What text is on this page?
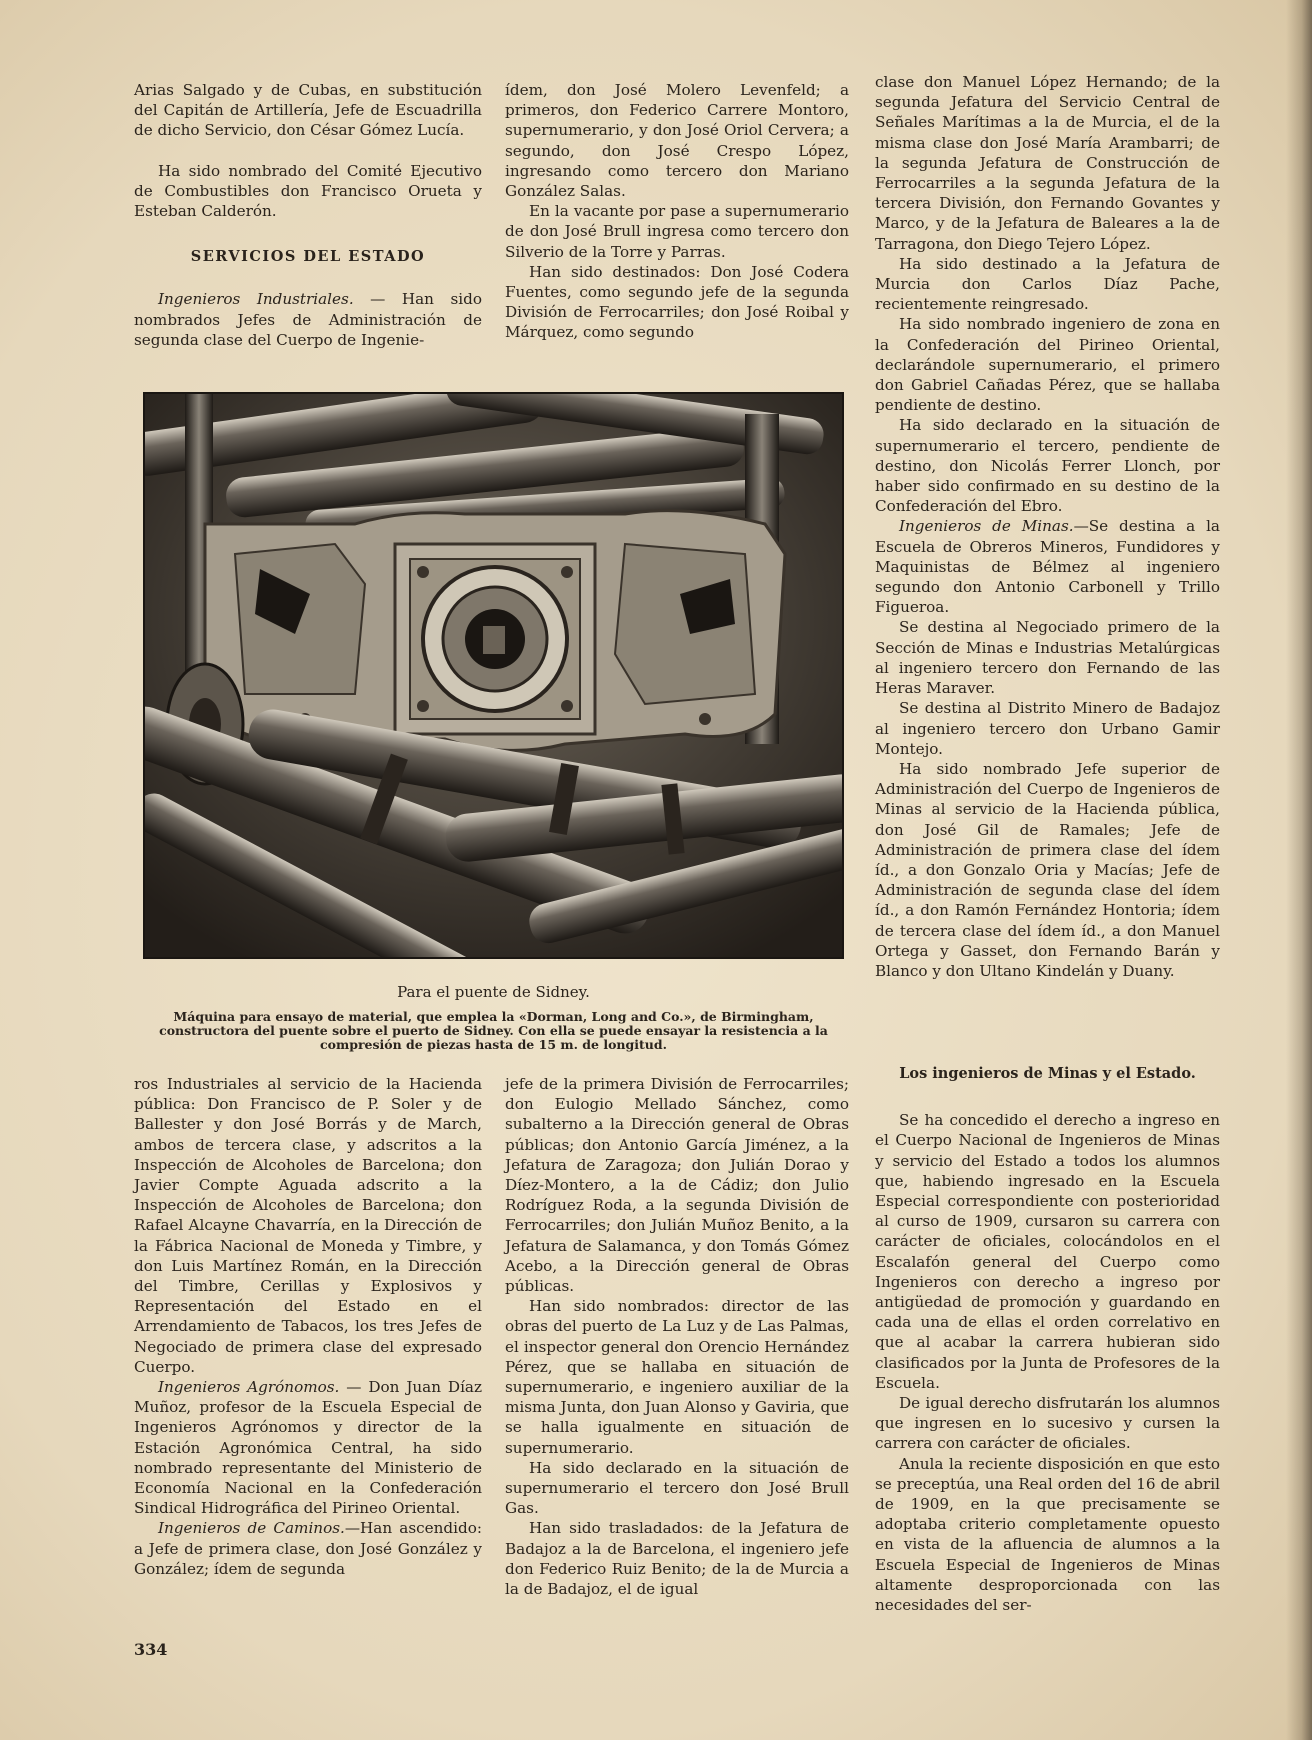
Arias Salgado y de Cubas, en substitución del Capitán de Artillería, Jefe de Escuadrilla de dicho Servicio, don César Gómez Lucía.

Ha sido nombrado del Comité Ejecutivo de Combustibles don Francisco Orueta y Esteban Calderón.

SERVICIOS DEL ESTADO

Ingenieros Industriales. — Han sido nombrados Jefes de Administración de segunda clase del Cuerpo de Ingenie-

ídem, don José Molero Levenfeld; a primeros, don Federico Carrere Montoro, supernumerario, y don José Oriol Cervera; a segundo, don José Crespo López, ingresando como tercero don Mariano González Salas.

En la vacante por pase a supernumerario de don José Brull ingresa como tercero don Silverio de la Torre y Parras.

Han sido destinados: Don José Codera Fuentes, como segundo jefe de la segunda División de Ferrocarriles; don José Roibal y Márquez, como segundo

clase don Manuel López Hernando; de la segunda Jefatura del Servicio Central de Señales Marítimas a la de Murcia, el de la misma clase don José María Arambarri; de la segunda Jefatura de Construcción de Ferrocarriles a la segunda Jefatura de la tercera División, don Fernando Govantes y Marco, y de la Jefatura de Baleares a la de Tarragona, don Diego Tejero López.

Ha sido destinado a la Jefatura de Murcia don Carlos Díaz Pache, recientemente reingresado.

Ha sido nombrado ingeniero de zona en la Confederación del Pirineo Oriental, declarándole supernumerario, el primero don Gabriel Cañadas Pérez, que se hallaba pendiente de destino.

Ha sido declarado en la situación de supernumerario el tercero, pendiente de destino, don Nicolás Ferrer Llonch, por haber sido confirmado en su destino de la Confederación del Ebro.

Ingenieros de Minas.—Se destina a la Escuela de Obreros Mineros, Fundidores y Maquinistas de Bélmez al ingeniero segundo don Antonio Carbonell y Trillo Figueroa.

Se destina al Negociado primero de la Sección de Minas e Industrias Metalúrgicas al ingeniero tercero don Fernando de las Heras Maraver.

Se destina al Distrito Minero de Badajoz al ingeniero tercero don Urbano Gamir Montejo.

Ha sido nombrado Jefe superior de Administración del Cuerpo de Ingenieros de Minas al servicio de la Hacienda pública, don José Gil de Ramales; Jefe de Administración de primera clase del ídem íd., a don Gonzalo Oria y Macías; Jefe de Administración de segunda clase del ídem íd., a don Ramón Fernández Hontoria; ídem de tercera clase del ídem íd., a don Manuel Ortega y Gasset, don Fernando Barán y Blanco y don Ultano Kindelán y Duany.

Para el puente de Sidney.
Máquina para ensayo de material, que emplea la «Dorman, Long and Co.», de Birmingham, constructora del puente sobre el puerto de Sidney. Con ella se puede ensayar la resistencia a la compresión de piezas hasta de 15 m. de longitud.

ros Industriales al servicio de la Hacienda pública: Don Francisco de P. Soler y de Ballester y don José Borrás y de March, ambos de tercera clase, y adscritos a la Inspección de Alcoholes de Barcelona; don Javier Compte Aguada adscrito a la Inspección de Alcoholes de Barcelona; don Rafael Alcayne Chavarría, en la Dirección de la Fábrica Nacional de Moneda y Timbre, y don Luis Martínez Román, en la Dirección del Timbre, Cerillas y Explosivos y Representación del Estado en el Arrendamiento de Tabacos, los tres Jefes de Negociado de primera clase del expresado Cuerpo.

Ingenieros Agrónomos. — Don Juan Díaz Muñoz, profesor de la Escuela Especial de Ingenieros Agrónomos y director de la Estación Agronómica Central, ha sido nombrado representante del Ministerio de Economía Nacional en la Confederación Sindical Hidrográfica del Pirineo Oriental.

Ingenieros de Caminos.—Han ascendido: a Jefe de primera clase, don José González y González; ídem de segunda

jefe de la primera División de Ferrocarriles; don Eulogio Mellado Sánchez, como subalterno a la Dirección general de Obras públicas; don Antonio García Jiménez, a la Jefatura de Zaragoza; don Julián Dorao y Díez-Montero, a la de Cádiz; don Julio Rodríguez Roda, a la segunda División de Ferrocarriles; don Julián Muñoz Benito, a la Jefatura de Salamanca, y don Tomás Gómez Acebo, a la Dirección general de Obras públicas.

Han sido nombrados: director de las obras del puerto de La Luz y de Las Palmas, el inspector general don Orencio Hernández Pérez, que se hallaba en situación de supernumerario, e ingeniero auxiliar de la misma Junta, don Juan Alonso y Gaviria, que se halla igualmente en situación de supernumerario.

Ha sido declarado en la situación de supernumerario el tercero don José Brull Gas.

Han sido trasladados: de la Jefatura de Badajoz a la de Barcelona, el ingeniero jefe don Federico Ruiz Benito; de la de Murcia a la de Badajoz, el de igual

Los ingenieros de Minas y el Estado.

Se ha concedido el derecho a ingreso en el Cuerpo Nacional de Ingenieros de Minas y servicio del Estado a todos los alumnos que, habiendo ingresado en la Escuela Especial correspondiente con posterioridad al curso de 1909, cursaron su carrera con carácter de oficiales, colocándolos en el Escalafón general del Cuerpo como Ingenieros con derecho a ingreso por antigüedad de promoción y guardando en cada una de ellas el orden correlativo en que al acabar la carrera hubieran sido clasificados por la Junta de Profesores de la Escuela.

De igual derecho disfrutarán los alumnos que ingresen en lo sucesivo y cursen la carrera con carácter de oficiales.

Anula la reciente disposición en que esto se preceptúa, una Real orden del 16 de abril de 1909, en la que precisamente se adoptaba criterio completamente opuesto en vista de la afluencia de alumnos a la Escuela Especial de Ingenieros de Minas altamente desproporcionada con las necesidades del ser-

334
